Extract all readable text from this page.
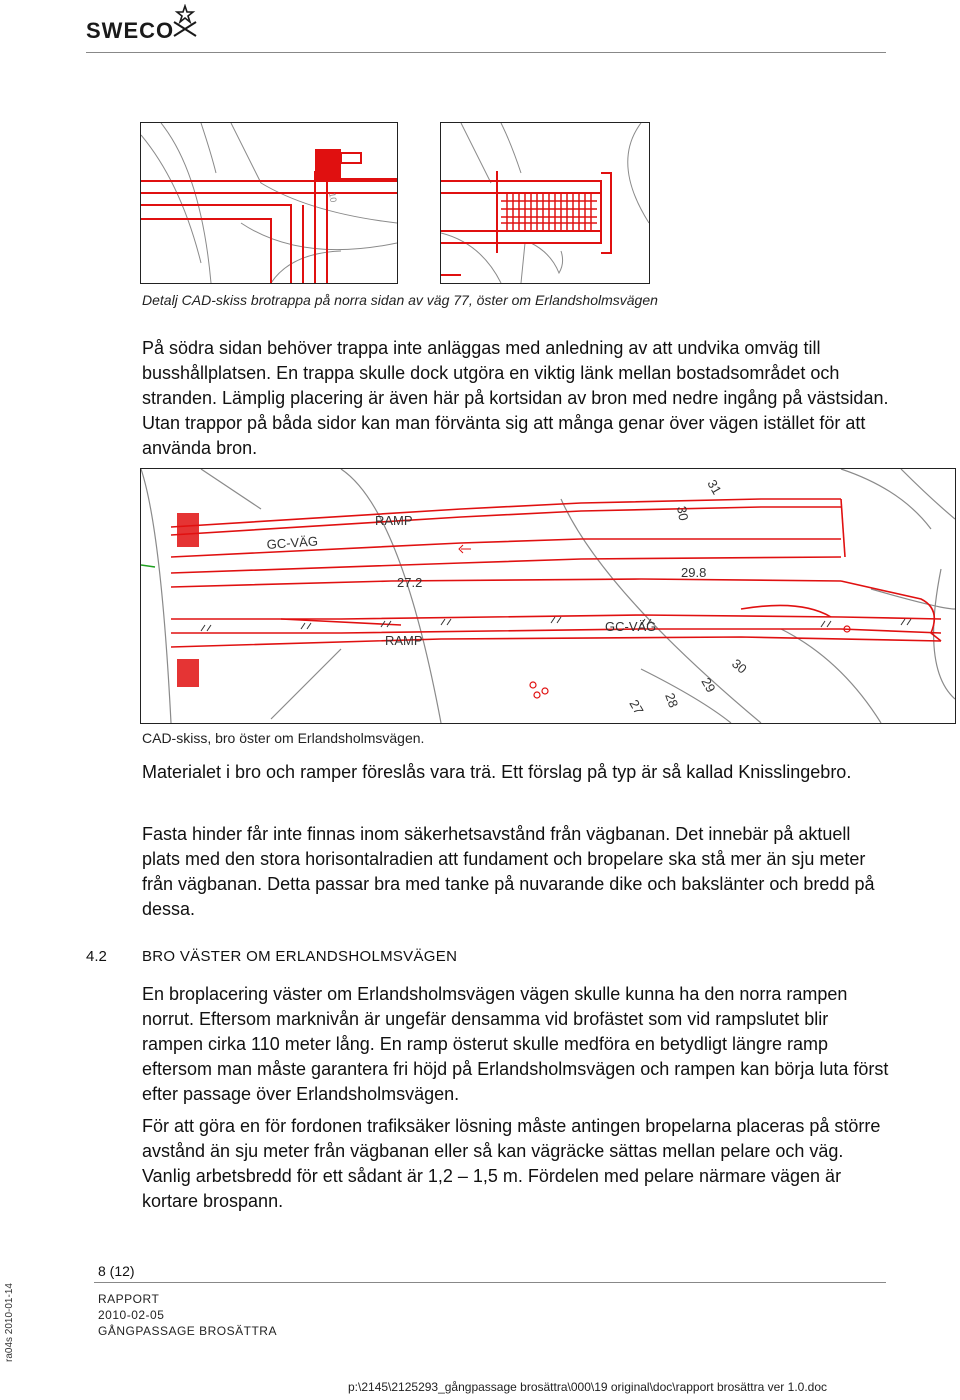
SWECO
10
Detalj CAD-skiss brotrappa på norra sidan av väg 77, öster om Erlandsholmsvägen
På södra sidan behöver trappa inte anläggas med anledning av att undvika omväg till busshållplatsen. En trappa skulle dock utgöra en viktig länk mellan bostadsområdet och stranden. Lämplig placering är även här på kortsidan av bron med nedre ingång på västsidan. Utan trappor på båda sidor kan man förvänta sig att många genar över vägen istället för att använda bron.
RAMP
GC-VÄG
27.2
29.8
RAMP
GC-VÄG
30
31
30
29
28
27
CAD-skiss, bro öster om Erlandsholmsvägen.
Materialet i bro och ramper föreslås vara trä. Ett förslag på typ är så kallad Knisslingebro.
Fasta hinder får inte finnas inom säkerhetsavstånd från vägbanan. Det innebär på aktuell plats med den stora horisontalradien att fundament och bropelare ska stå mer än sju meter från vägbanan. Detta passar bra med tanke på nuvarande dike och bakslänter och bredd på dessa.
4.2 BRO VÄSTER OM ERLANDSHOLMSVÄGEN
En broplacering väster om Erlandsholmsvägen vägen skulle kunna ha den norra rampen norrut. Eftersom marknivån är ungefär densamma vid brofästet som vid rampslutet blir rampen cirka 110 meter lång. En ramp österut skulle medföra en betydligt längre ramp eftersom man måste garantera fri höjd på Erlandsholmsvägen och rampen kan börja luta först efter passage över Erlandsholmsvägen.
För att göra en för fordonen trafiksäker lösning måste antingen bropelarna placeras på större avstånd än sju meter från vägbanan eller så kan vägräcke sättas mellan pelare och väg. Vanlig arbetsbredd för ett sådant är 1,2 – 1,5 m. Fördelen med pelare närmare vägen är kortare brospann.
8 (12)
RAPPORT
2010-02-05
GÅNGPASSAGE BROSÄTTRA
ra04s 2010-01-14
p:\2145\2125293_gångpassage brosättra\000\19 original\doc\rapport brosättra ver 1.0.doc
